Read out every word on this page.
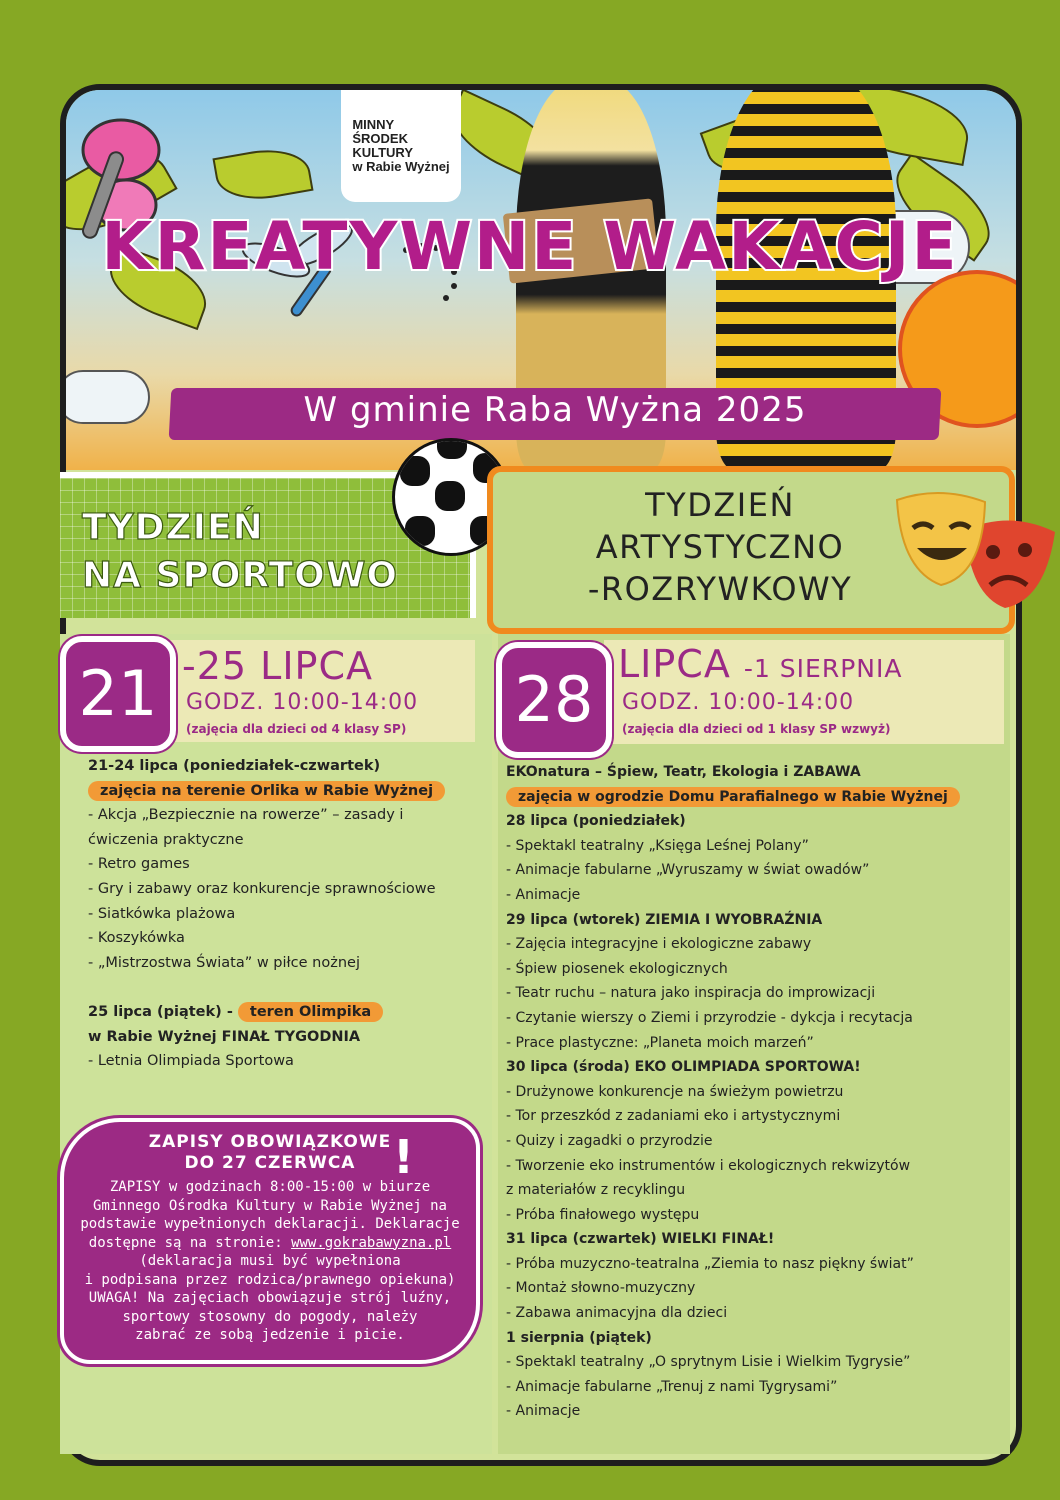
MINNY
ŚRODEK
KULTURY
w Rabie Wyżnej
KREATYWNE WAKACJE
W gminie Raba Wyżna 2025
TYDZIEŃ
NA SPORTOWO
TYDZIEŃ
ARTYSTYCZNO
-ROZRYWKOWY
21 -25 LIPCA
GODZ. 10:00-14:00
(zajęcia dla dzieci od 4 klasy SP) 28 LIPCA -1 SIERPNIA
GODZ. 10:00-14:00
(zajęcia dla dzieci od 1 klasy SP wzwyż)
21-24 lipca (poniedziałek-czwartek)
zajęcia na terenie Orlika w Rabie Wyżnej
- Akcja „Bezpiecznie na rowerze” – zasady i
ćwiczenia praktyczne
- Retro games
- Gry i zabawy oraz konkurencje sprawnościowe
- Siatkówka plażowa
- Koszykówka
- „Mistrzostwa Świata” w piłce nożnej

25 lipca (piątek) - teren Olimpika
w Rabie Wyżnej FINAŁ TYGODNIA
- Letnia Olimpiada Sportowa
EKOnatura – Śpiew, Teatr, Ekologia i ZABAWA
zajęcia w ogrodzie Domu Parafialnego w Rabie Wyżnej
28 lipca (poniedziałek)
- Spektakl teatralny „Księga Leśnej Polany”
- Animacje fabularne „Wyruszamy w świat owadów”
- Animacje
29 lipca (wtorek) ZIEMIA I WYOBRAŹNIA
- Zajęcia integracyjne i ekologiczne zabawy
- Śpiew piosenek ekologicznych
- Teatr ruchu – natura jako inspiracja do improwizacji
- Czytanie wierszy o Ziemi i przyrodzie - dykcja i recytacja
- Prace plastyczne: „Planeta moich marzeń”
30 lipca (środa) EKO OLIMPIADA SPORTOWA!
- Drużynowe konkurencje na świeżym powietrzu
- Tor przeszkód z zadaniami eko i artystycznymi
- Quizy i zagadki o przyrodzie
- Tworzenie eko instrumentów i ekologicznych rekwizytów
z materiałów z recyklingu
- Próba finałowego występu
31 lipca (czwartek) WIELKI FINAŁ!
- Próba muzyczno-teatralna „Ziemia to nasz piękny świat”
- Montaż słowno-muzyczny
- Zabawa animacyjna dla dzieci
1 sierpnia (piątek)
- Spektakl teatralny „O sprytnym Lisie i Wielkim Tygrysie”
- Animacje fabularne „Trenuj z nami Tygrysami”
- Animacje
!
ZAPISY OBOWIĄZKOWE
DO 27 CZERWCA
ZAPISY w godzinach 8:00-15:00 w biurze
Gminnego Ośrodka Kultury w Rabie Wyżnej na
podstawie wypełnionych deklaracji. Deklaracje
dostępne są na stronie: www.gokrabawyzna.pl
(deklaracja musi być wypełniona
i podpisana przez rodzica/prawnego opiekuna)
UWAGA! Na zajęciach obowiązuje strój luźny,
sportowy stosowny do pogody, należy
zabrać ze sobą jedzenie i picie.
